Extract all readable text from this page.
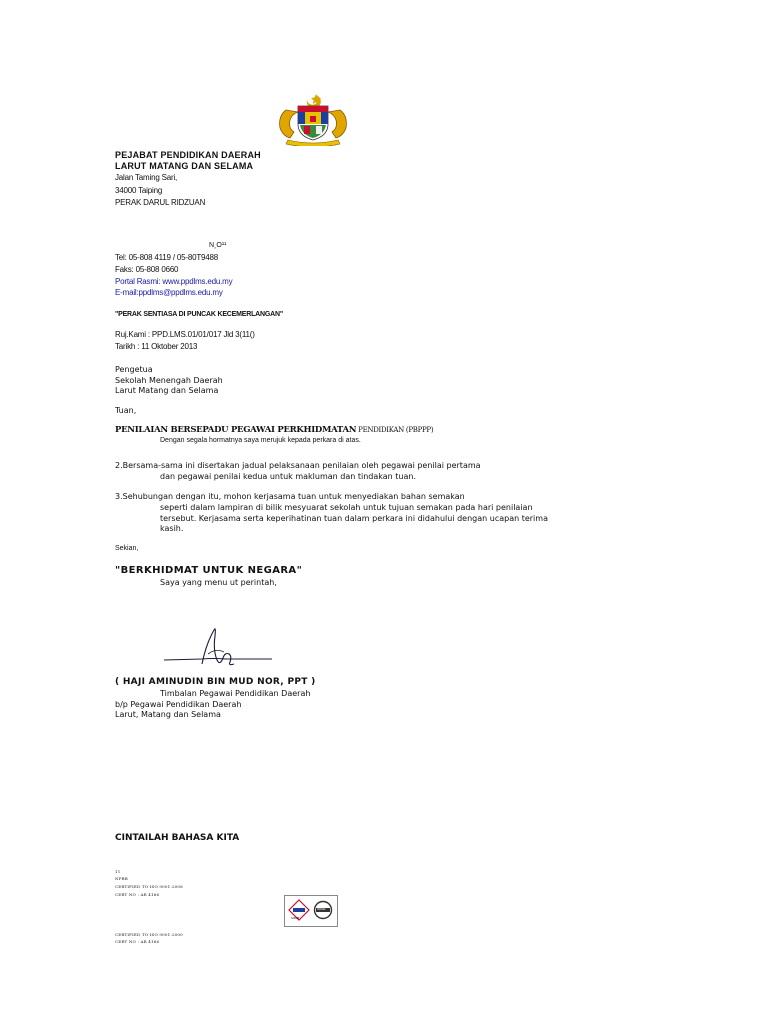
PEJABAT PENDIDIKAN DAERAH
LARUT MATANG DAN SELAMA
Jalan Taming Sari,
34000 Taiping
PERAK DARUL RIDZUAN
N¸O¹¹
Tel: 05-808 4119 / 05-80T9488
Faks: 05-808 0660
Portal Rasmi: www.ppdlms.edu.my
E-mail:ppdlms@ppdlms.edu.my
"PERAK SENTIASA DI PUNCAK KECEMERLANGAN"
Ruj.Kami : PPD.LMS.01/01/017 Jld 3(11()
Tarikh : 11 Oktober 2013
Pengetua
Sekolah Menengah Daerah
Larut Matang dan Selama
Tuan,
PENILAIAN BERSEPADU PEGAWAI PERKHIDMATAN PENDIDIKAN (PBPPP)
Dengan segala hormatnya saya merujuk kepada perkara di atas.
2.Bersama-sama ini disertakan jadual pelaksanaan penilaian oleh pegawai penilai pertama
dan pegawai penilai kedua untuk makluman dan tindakan tuan.
3.Sehubungan dengan itu, mohon kerjasama tuan untuk menyediakan bahan semakan
seperti dalam lampiran di bilik mesyuarat sekolah untuk tujuan semakan pada hari penilaian
tersebut. Kerjasama serta keperihatinan tuan dalam perkara ini didahului dengan ucapan terima
kasih.
Sekian,
"BERKHIDMAT UNTUK NEGARA"
Saya yang menu ut perintah,
( HAJI AMINUDIN BIN MUD NOR, PPT )
Timbalan Pegawai Pendidikan Daerah
b/p Pegawai Pendidikan Daerah
Larut, Matang dan Selama
CINTAILAH BAHASA KITA
11
NPBB
CERTIFIED TO ISO 9001:2008
CERT NO : AR 4166
SIRIM
IQNet
CERTIFIED TO ISO 9001:2000
CERT NO : AR 4166
